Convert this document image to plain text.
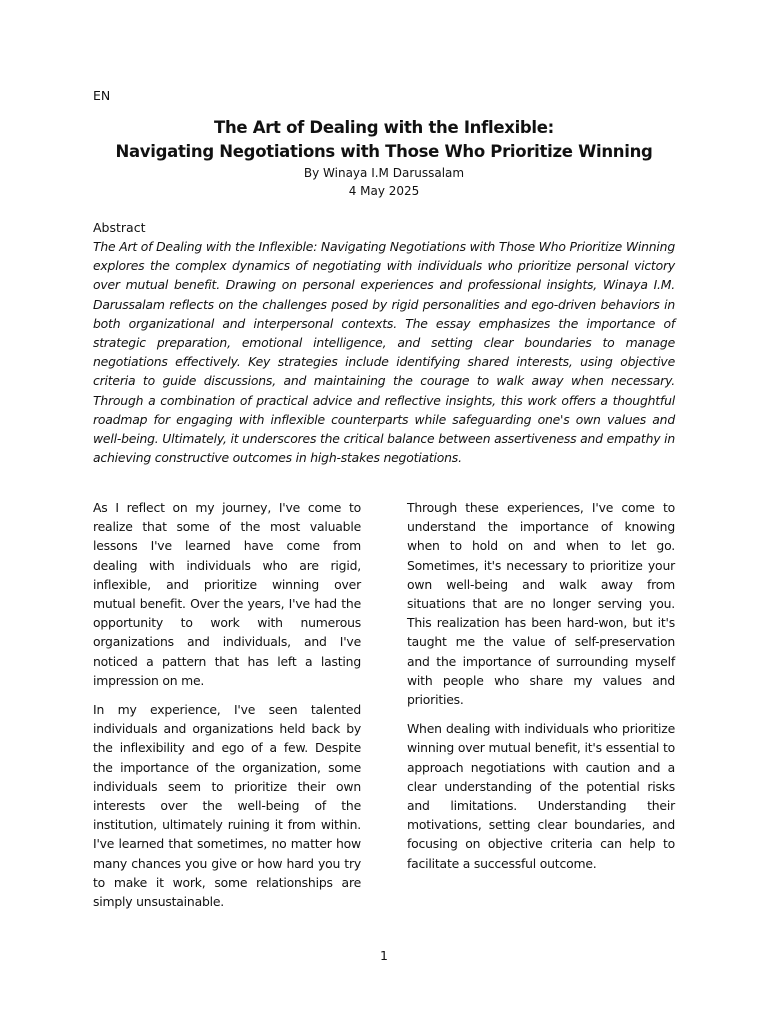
EN
The Art of Dealing with the Inflexible:
Navigating Negotiations with Those Who Prioritize Winning
By Winaya I.M Darussalam
4 May 2025
Abstract

The Art of Dealing with the Inflexible: Navigating Negotiations with Those Who Prioritize Winning explores the complex dynamics of negotiating with individuals who prioritize personal victory over mutual benefit. Drawing on personal experiences and professional insights, Winaya I.M. Darussalam reflects on the challenges posed by rigid personalities and ego-driven behaviors in both organizational and interpersonal contexts. The essay emphasizes the importance of strategic preparation, emotional intelligence, and setting clear boundaries to manage negotiations effectively. Key strategies include identifying shared interests, using objective criteria to guide discussions, and maintaining the courage to walk away when necessary. Through a combination of practical advice and reflective insights, this work offers a thoughtful roadmap for engaging with inflexible counterparts while safeguarding one's own values and well-being. Ultimately, it underscores the critical balance between assertiveness and empathy in achieving constructive outcomes in high-stakes negotiations.

As I reflect on my journey, I've come to realize that some of the most valuable lessons I've learned have come from dealing with individuals who are rigid, inflexible, and prioritize winning over mutual benefit. Over the years, I've had the opportunity to work with numerous organizations and individuals, and I've noticed a pattern that has left a lasting impression on me.

In my experience, I've seen talented individuals and organizations held back by the inflexibility and ego of a few. Despite the importance of the organization, some individuals seem to prioritize their own interests over the well-being of the institution, ultimately ruining it from within. I've learned that sometimes, no matter how many chances you give or how hard you try to make it work, some relationships are simply unsustainable.

Through these experiences, I've come to understand the importance of knowing when to hold on and when to let go. Sometimes, it's necessary to prioritize your own well-being and walk away from situations that are no longer serving you. This realization has been hard-won, but it's taught me the value of self-preservation and the importance of surrounding myself with people who share my values and priorities.

When dealing with individuals who prioritize winning over mutual benefit, it's essential to approach negotiations with caution and a clear understanding of the potential risks and limitations. Understanding their motivations, setting clear boundaries, and focusing on objective criteria can help to facilitate a successful outcome.

1
